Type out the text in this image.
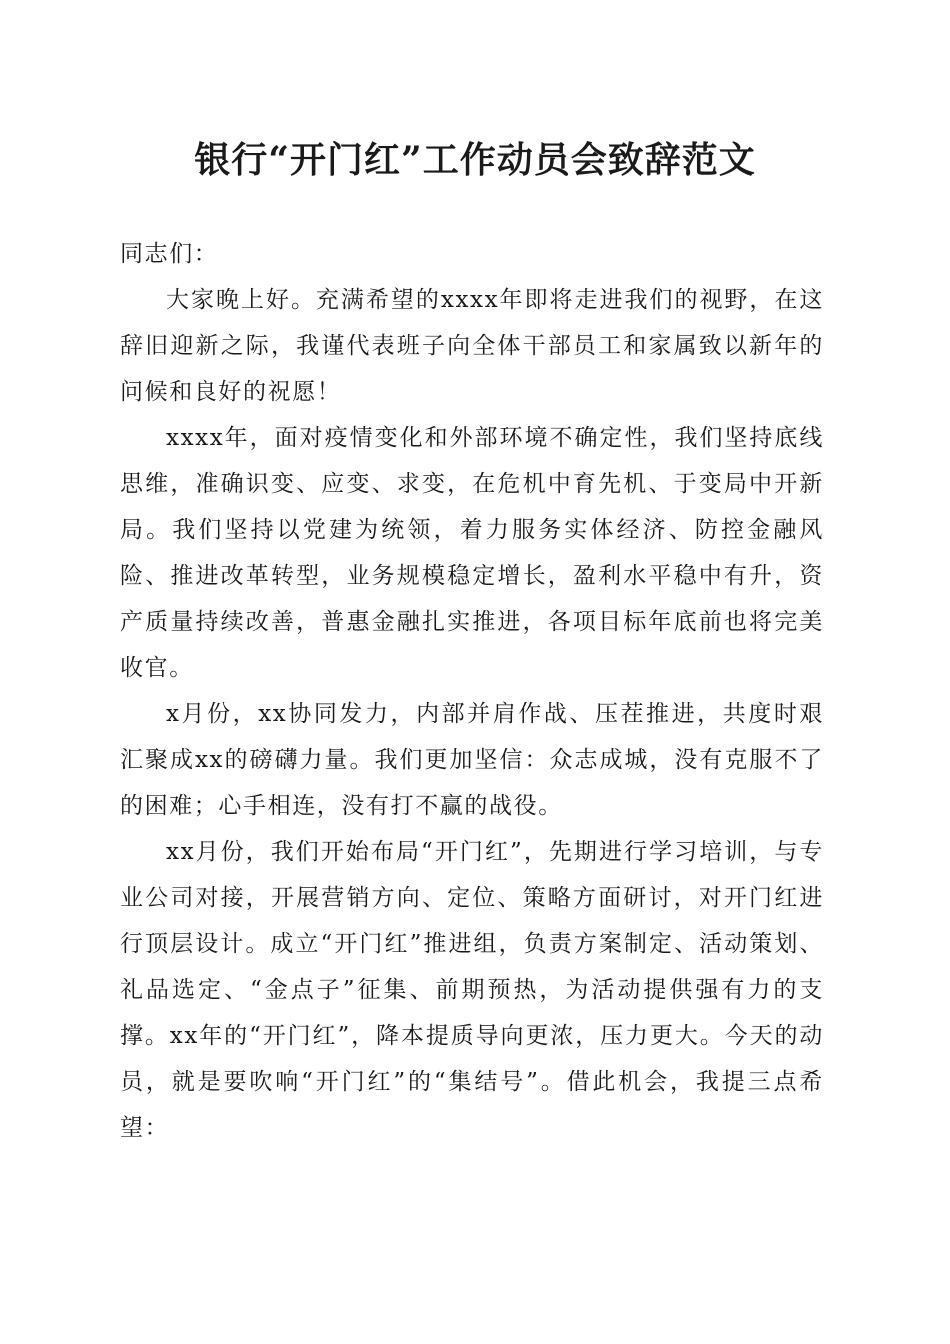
银行“开门红”工作动员会致辞范文

同志们：

大家晚上好。充满希望的xxxx年即将走进我们的视野，在这辞旧迎新之际，我谨代表班子向全体干部员工和家属致以新年的问候和良好的祝愿！

xxxx年，面对疫情变化和外部环境不确定性，我们坚持底线思维，准确识变、应变、求变，在危机中育先机、于变局中开新局。我们坚持以党建为统领，着力服务实体经济、防控金融风险、推进改革转型，业务规模稳定增长，盈利水平稳中有升，资产质量持续改善，普惠金融扎实推进，各项目标年底前也将完美收官。

x月份，xx协同发力，内部并肩作战、压茬推进，共度时艰汇聚成xx的磅礴力量。我们更加坚信：众志成城，没有克服不了的困难；心手相连，没有打不赢的战役。

xx月份，我们开始布局“开门红”，先期进行学习培训，与专业公司对接，开展营销方向、定位、策略方面研讨，对开门红进行顶层设计。成立“开门红”推进组，负责方案制定、活动策划、礼品选定、“金点子”征集、前期预热，为活动提供强有力的支撑。xx年的“开门红”，降本提质导向更浓，压力更大。今天的动员，就是要吹响“开门红”的“集结号”。借此机会，我提三点希望：
